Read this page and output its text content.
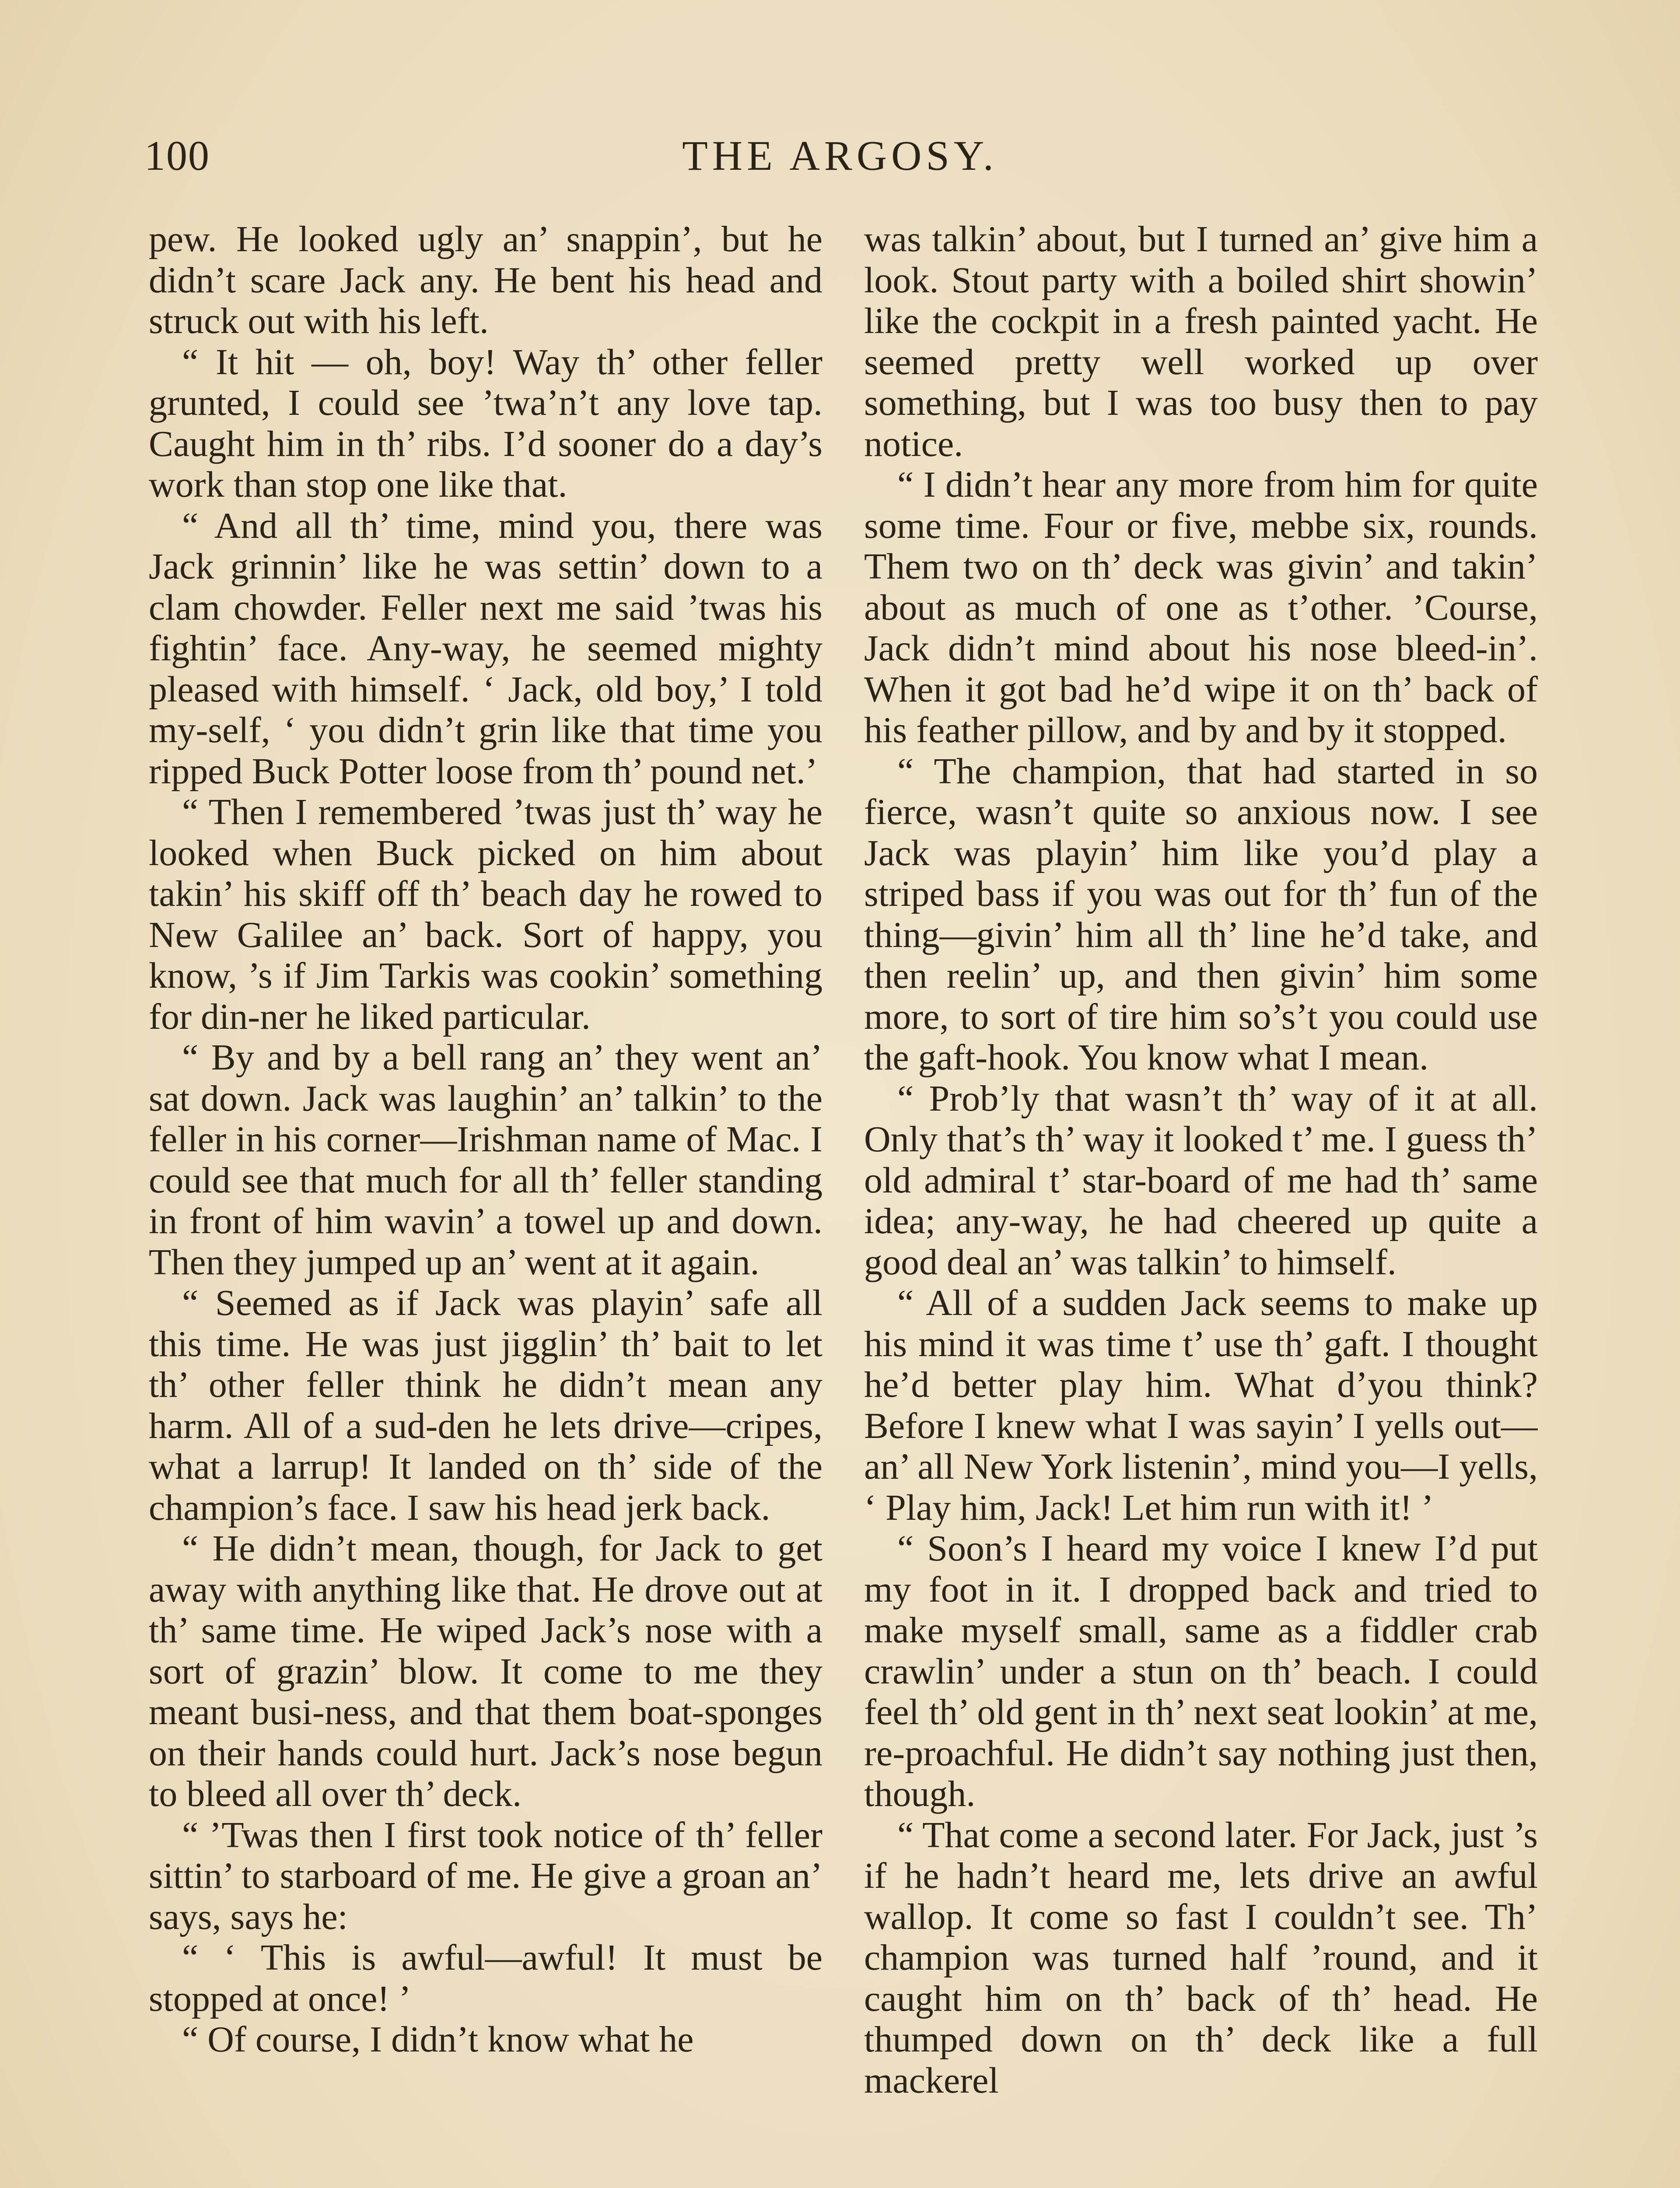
100	THE ARGOSY.

pew. He looked ugly an’ snappin’, but he didn’t scare Jack any. He bent his head and struck out with his left.

“ It hit — oh, boy! Way th’ other feller grunted, I could see ’twa’n’t any love tap. Caught him in th’ ribs. I’d sooner do a day’s work than stop one like that.

“ And all th’ time, mind you, there was Jack grinnin’ like he was settin’ down to a clam chowder. Feller next me said ’twas his fightin’ face. Any-way, he seemed mighty pleased with himself. ‘ Jack, old boy,’ I told my-self, ‘ you didn’t grin like that time you ripped Buck Potter loose from th’ pound net.’

“ Then I remembered ’twas just th’ way he looked when Buck picked on him about takin’ his skiff off th’ beach day he rowed to New Galilee an’ back. Sort of happy, you know, ’s if Jim Tarkis was cookin’ something for din-ner he liked particular.

“ By and by a bell rang an’ they went an’ sat down. Jack was laughin’ an’ talkin’ to the feller in his corner—Irishman name of Mac. I could see that much for all th’ feller standing in front of him wavin’ a towel up and down. Then they jumped up an’ went at it again.

“ Seemed as if Jack was playin’ safe all this time. He was just jigglin’ th’ bait to let th’ other feller think he didn’t mean any harm. All of a sud-den he lets drive—cripes, what a larrup! It landed on th’ side of the champion’s face. I saw his head jerk back.

“ He didn’t mean, though, for Jack to get away with anything like that. He drove out at th’ same time. He wiped Jack’s nose with a sort of grazin’ blow. It come to me they meant busi-ness, and that them boat-sponges on their hands could hurt. Jack’s nose begun to bleed all over th’ deck.

“ ’Twas then I first took notice of th’ feller sittin’ to starboard of me. He give a groan an’ says, says he:

“ ‘ This is awful—awful! It must be stopped at once! ’

“ Of course, I didn’t know what he

was talkin’ about, but I turned an’ give him a look. Stout party with a boiled shirt showin’ like the cockpit in a fresh painted yacht. He seemed pretty well worked up over something, but I was too busy then to pay notice.

“ I didn’t hear any more from him for quite some time. Four or five, mebbe six, rounds. Them two on th’ deck was givin’ and takin’ about as much of one as t’other. ’Course, Jack didn’t mind about his nose bleed-in’. When it got bad he’d wipe it on th’ back of his feather pillow, and by and by it stopped.

“ The champion, that had started in so fierce, wasn’t quite so anxious now. I see Jack was playin’ him like you’d play a striped bass if you was out for th’ fun of the thing—givin’ him all th’ line he’d take, and then reelin’ up, and then givin’ him some more, to sort of tire him so’s’t you could use the gaft-hook. You know what I mean.

“ Prob’ly that wasn’t th’ way of it at all. Only that’s th’ way it looked t’ me. I guess th’ old admiral t’ star-board of me had th’ same idea; any-way, he had cheered up quite a good deal an’ was talkin’ to himself.

“ All of a sudden Jack seems to make up his mind it was time t’ use th’ gaft. I thought he’d better play him. What d’you think? Before I knew what I was sayin’ I yells out—an’ all New York listenin’, mind you—I yells, ‘ Play him, Jack! Let him run with it! ’

“ Soon’s I heard my voice I knew I’d put my foot in it. I dropped back and tried to make myself small, same as a fiddler crab crawlin’ under a stun on th’ beach. I could feel th’ old gent in th’ next seat lookin’ at me, re-proachful. He didn’t say nothing just then, though.

“ That come a second later. For Jack, just ’s if he hadn’t heard me, lets drive an awful wallop. It come so fast I couldn’t see. Th’ champion was turned half ’round, and it caught him on th’ back of th’ head. He thumped down on th’ deck like a full mackerel
